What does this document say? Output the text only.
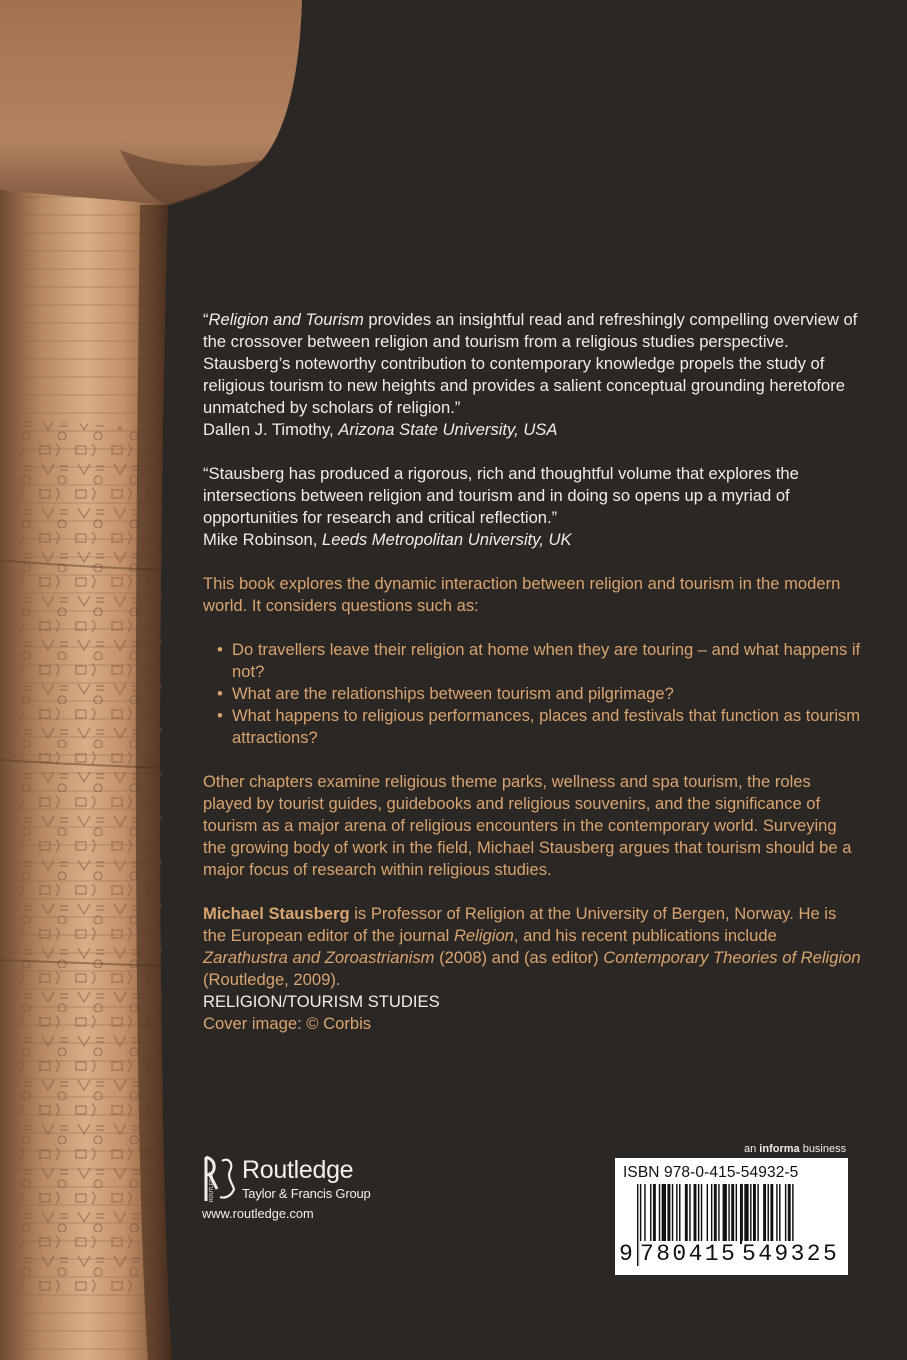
“Religion and Tourism provides an insightful read and refreshingly compelling overview of the crossover between religion and tourism from a religious studies perspective. Stausberg’s noteworthy contribution to contemporary knowledge propels the study of religious tourism to new heights and provides a salient conceptual grounding heretofore unmatched by scholars of religion.”
Dallen J. Timothy, Arizona State University, USA

“Stausberg has produced a rigorous, rich and thoughtful volume that explores the intersections between religion and tourism and in doing so opens up a myriad of opportunities for research and critical reflection.”
Mike Robinson, Leeds Metropolitan University, UK

This book explores the dynamic interaction between religion and tourism in the modern world. It considers questions such as:

• Do travellers leave their religion at home when they are touring – and what happens if not?
• What are the relationships between tourism and pilgrimage?
• What happens to religious performances, places and festivals that function as tourism attractions?

Other chapters examine religious theme parks, wellness and spa tourism, the roles played by tourist guides, guidebooks and religious souvenirs, and the significance of tourism as a major arena of religious encounters in the contemporary world. Surveying the growing body of work in the field, Michael Stausberg argues that tourism should be a major focus of research within religious studies.

Michael Stausberg is Professor of Religion at the University of Bergen, Norway. He is the European editor of the journal Religion, and his recent publications include Zarathustra and Zoroastrianism (2008) and (as editor) Contemporary Theories of Religion (Routledge, 2009).

RELIGION/TOURISM STUDIES

Cover image: © Corbis

an informa business
ROUTLEDGE
Routledge
Taylor & Francis Group
www.routledge.com
ISBN 978-0-415-54932-5
9 780415 549325
